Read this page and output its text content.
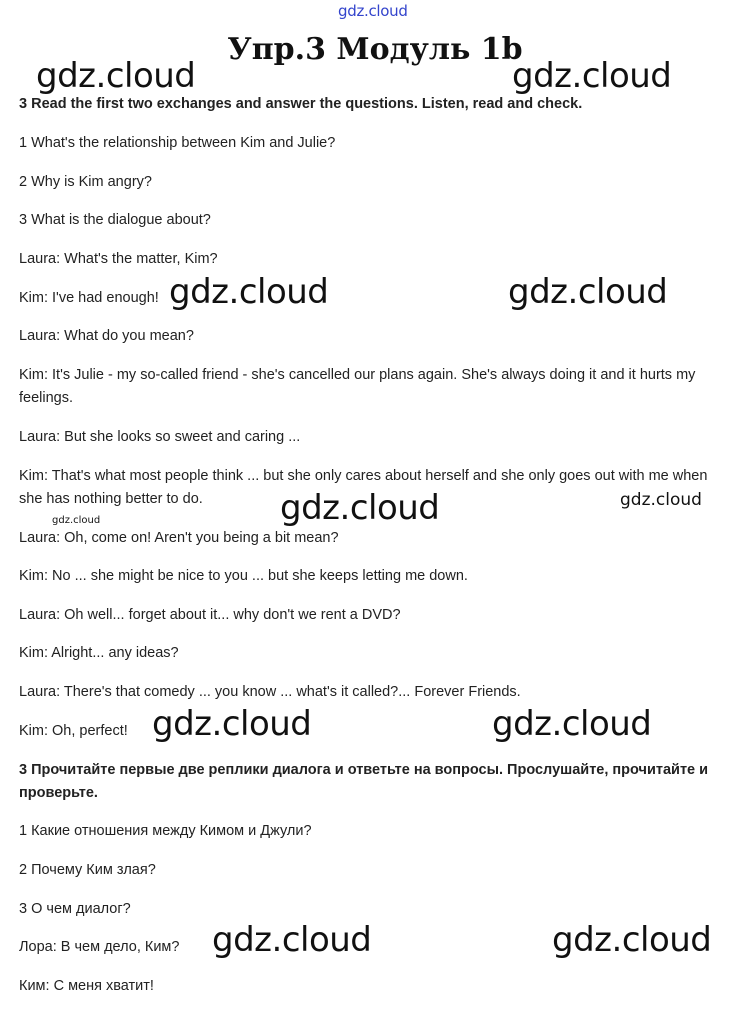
gdz.cloud
Упр.3 Модуль 1b
3 Read the first two exchanges and answer the questions. Listen, read and check.
1 What's the relationship between Kim and Julie?
2 Why is Kim angry?
3 What is the dialogue about?
Laura: What's the matter, Kim?
Kim: I've had enough!
Laura: What do you mean?
Kim: It's Julie - my so-called friend - she's cancelled our plans again. She's always doing it and it hurts my feelings.
Laura: But she looks so sweet and caring ...
Kim: That's what most people think ... but she only cares about herself and she only goes out with me when she has nothing better to do.
Laura: Oh, come on! Aren't you being a bit mean?
Kim: No ... she might be nice to you ... but she keeps letting me down.
Laura: Oh well... forget about it... why don't we rent a DVD?
Kim: Alright... any ideas?
Laura: There's that comedy ... you know ... what's it called?... Forever Friends.
Kim: Oh, perfect!
3 Прочитайте первые две реплики диалога и ответьте на вопросы. Прослушайте, прочитайте и проверьте.
1 Какие отношения между Кимом и Джули?
2 Почему Ким злая?
3 О чем диалог?
Лора: В чем дело, Ким?
Ким: С меня хватит!
gdz.cloud	gdz.cloud
gdz.cloud	gdz.cloud
gdz.cloud	gdz.cloud
gdz.cloud
gdz.cloud	gdz.cloud
gdz.cloud	gdz.cloud
